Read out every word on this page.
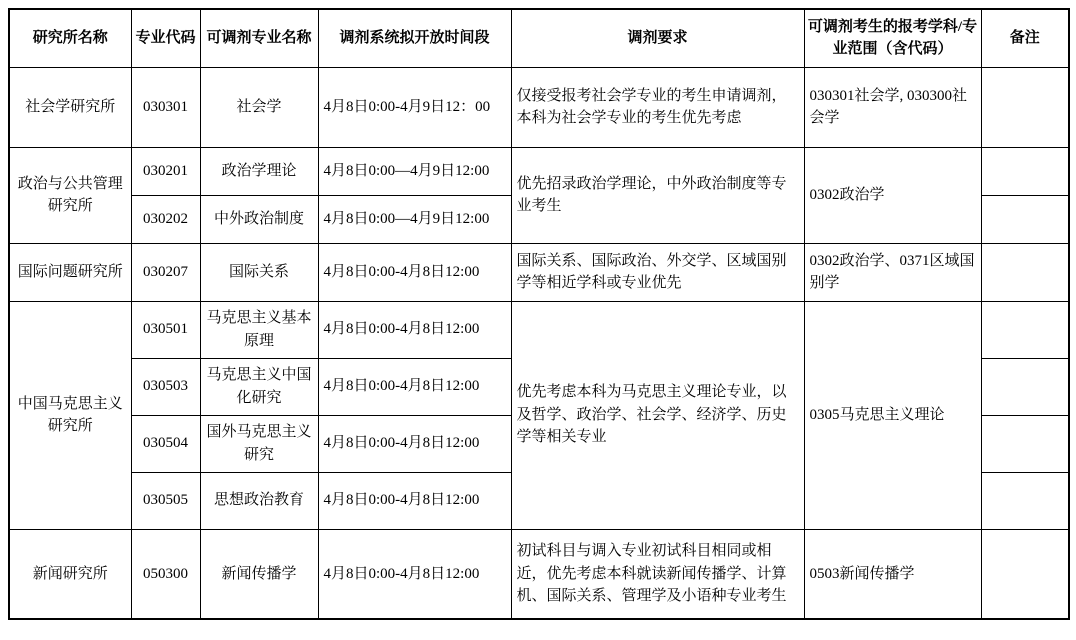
研究所名称	专业代码	可调剂专业名称	调剂系统拟开放时间段	调剂要求	可调剂考生的报考学科/专业范围（含代码）	备注
社会学研究所	030301	社会学	4月8日0:00-4月9日12：00	仅接受报考社会学专业的考生申请调剂，本科为社会学专业的考生优先考虑	030301社会学, 030300社会学	
政治与公共管理研究所	030201	政治学理论	4月8日0:00—4月9日12:00	优先招录政治学理论，中外政治制度等专业考生	0302政治学	
	030202	中外政治制度	4月8日0:00—4月9日12:00			
国际问题研究所	030207	国际关系	4月8日0:00-4月8日12:00	国际关系、国际政治、外交学、区域国别学等相近学科或专业优先	0302政治学、0371区域国别学	
中国马克思主义研究所	030501	马克思主义基本原理	4月8日0:00-4月8日12:00	优先考虑本科为马克思主义理论专业，以及哲学、政治学、社会学、经济学、历史学等相关专业	0305马克思主义理论	
	030503	马克思主义中国化研究	4月8日0:00-4月8日12:00			
	030504	国外马克思主义研究	4月8日0:00-4月8日12:00			
	030505	思想政治教育	4月8日0:00-4月8日12:00			
新闻研究所	050300	新闻传播学	4月8日0:00-4月8日12:00	初试科目与调入专业初试科目相同或相近，优先考虑本科就读新闻传播学、计算机、国际关系、管理学及小语种专业考生	0503新闻传播学	
